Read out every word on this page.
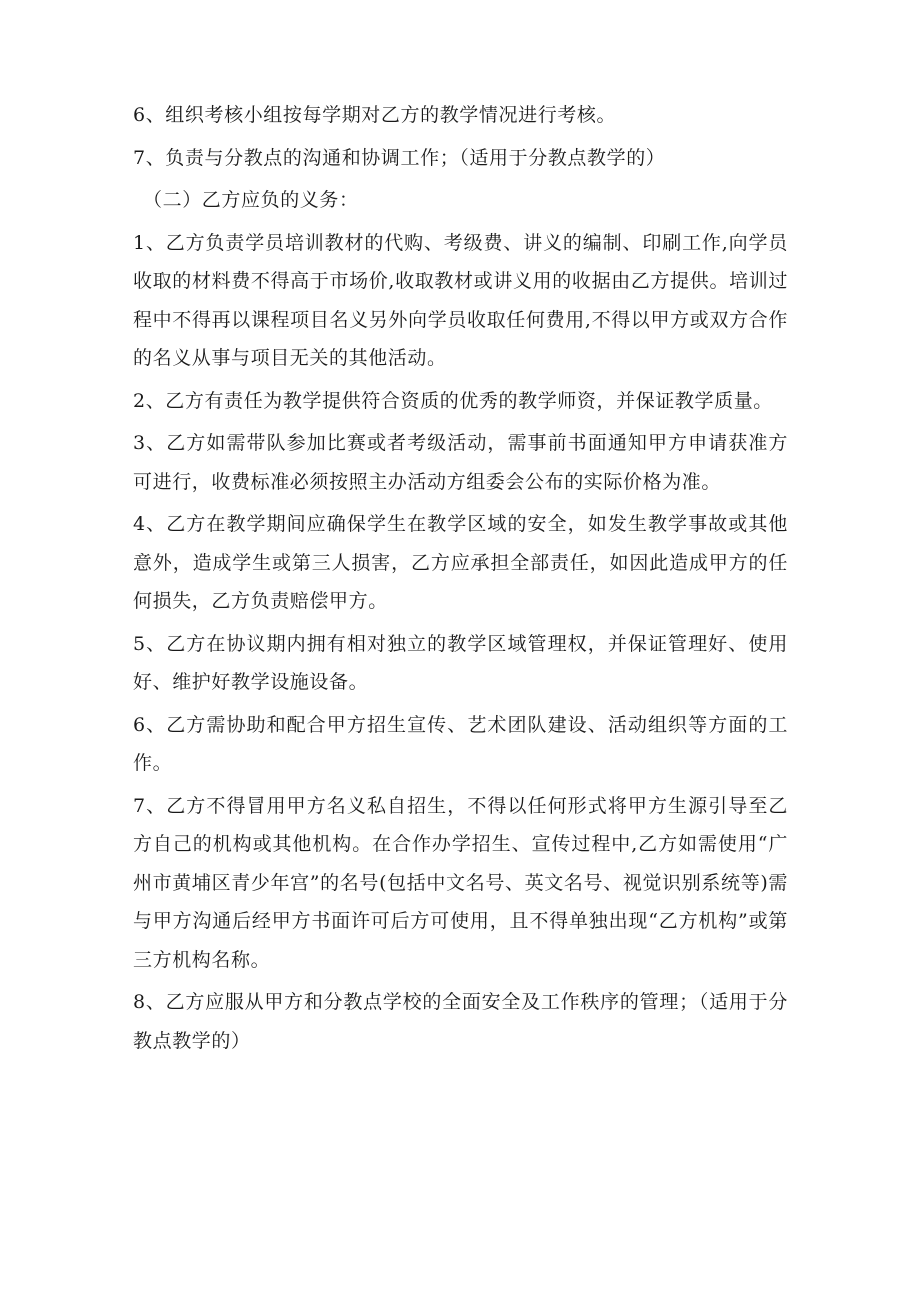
6、组织考核小组按每学期对乙方的教学情况进行考核。

7、负责与分教点的沟通和协调工作；（适用于分教点教学的）

（二）乙方应负的义务：

1、乙方负责学员培训教材的代购、考级费、讲义的编制、印刷工作,向学员收取的材料费不得高于市场价,收取教材或讲义用的收据由乙方提供。培训过程中不得再以课程项目名义另外向学员收取任何费用,不得以甲方或双方合作的名义从事与项目无关的其他活动。

2、乙方有责任为教学提供符合资质的优秀的教学师资，并保证教学质量。

3、乙方如需带队参加比赛或者考级活动，需事前书面通知甲方申请获准方可进行，收费标准必须按照主办活动方组委会公布的实际价格为准。

4、乙方在教学期间应确保学生在教学区域的安全，如发生教学事故或其他意外，造成学生或第三人损害，乙方应承担全部责任，如因此造成甲方的任何损失，乙方负责赔偿甲方。

5、乙方在协议期内拥有相对独立的教学区域管理权，并保证管理好、使用好、维护好教学设施设备。

6、乙方需协助和配合甲方招生宣传、艺术团队建设、活动组织等方面的工作。

7、乙方不得冒用甲方名义私自招生，不得以任何形式将甲方生源引导至乙方自己的机构或其他机构。在合作办学招生、宣传过程中,乙方如需使用“广州市黄埔区青少年宫”的名号(包括中文名号、英文名号、视觉识别系统等)需与甲方沟通后经甲方书面许可后方可使用，且不得单独出现“乙方机构”或第三方机构名称。

8、乙方应服从甲方和分教点学校的全面安全及工作秩序的管理；（适用于分教点教学的）
